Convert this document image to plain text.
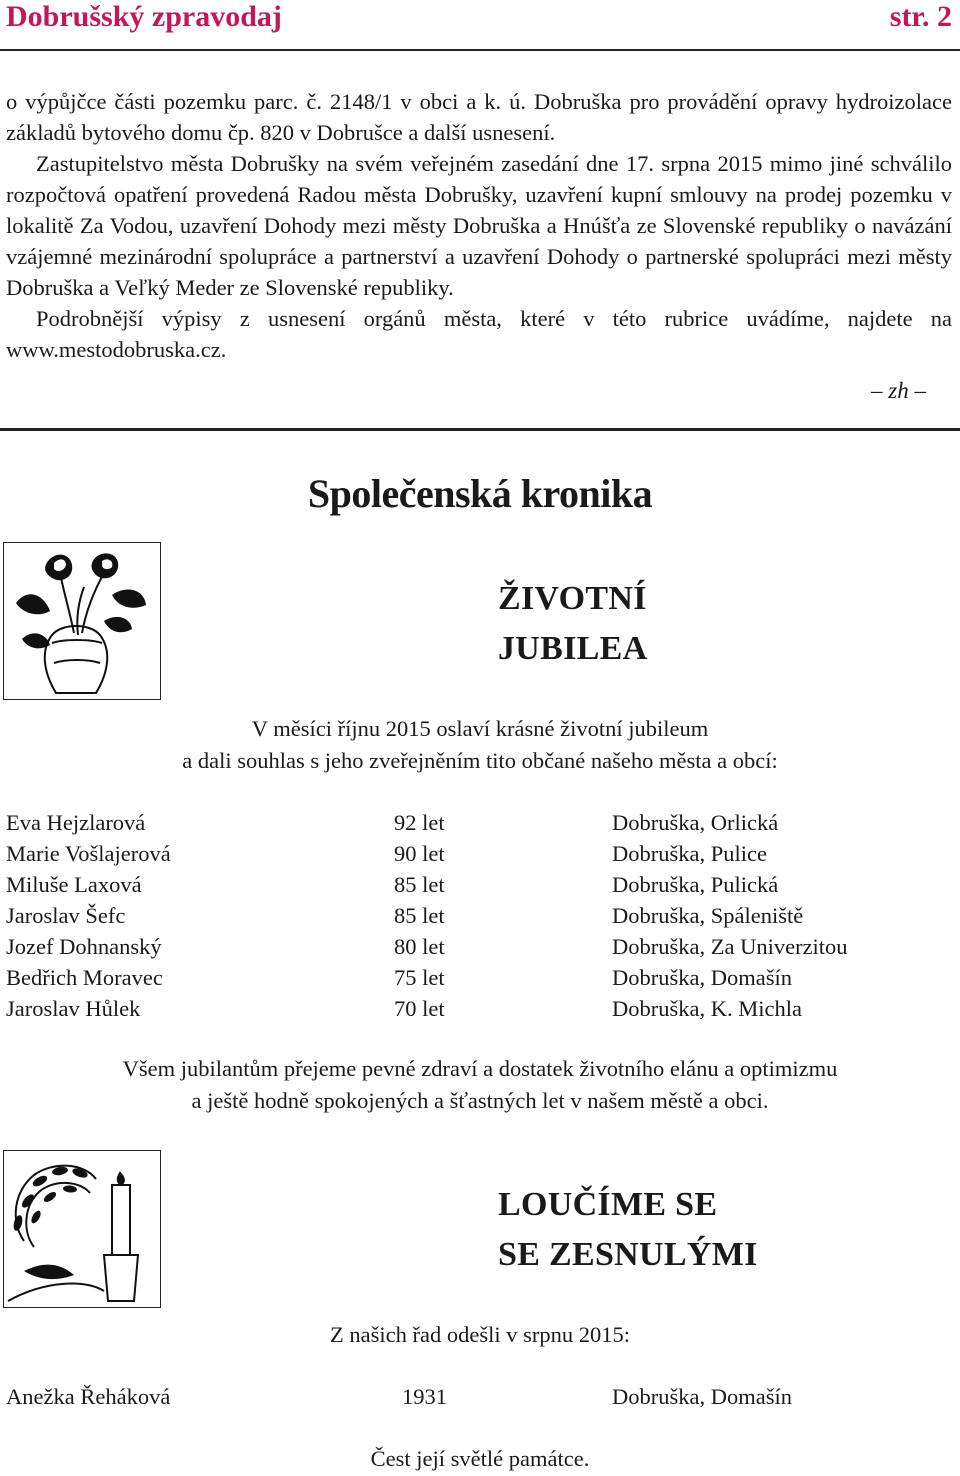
Dobrušský zpravodaj	str. 2

o výpůjčce části pozemku parc. č. 2148/1 v obci a k. ú. Dobruška pro provádění opravy hydroizolace základů bytového domu čp. 820 v Dobrušce a další usnesení.

Zastupitelstvo města Dobrušky na svém veřejném zasedání dne 17. srpna 2015 mimo jiné schválilo rozpočtová opatření provedená Radou města Dobrušky, uzavření kupní smlouvy na prodej pozemku v lokalitě Za Vodou, uzavření Dohody mezi městy Dobruška a Hnúšťa ze Slovenské republiky o navázání vzájemné mezinárodní spolupráce a partnerství a uzavření Dohody o partnerské spolupráci mezi městy Dobruška a Veľký Meder ze Slovenské republiky.

Podrobnější výpisy z usnesení orgánů města, které v této rubrice uvádíme, najdete na www.mestodobruska.cz.

– zh –
Společenská kronika
ŽIVOTNÍ
JUBILEA
V měsíci říjnu 2015 oslaví krásné životní jubileum
a dali souhlas s jeho zveřejněním tito občané našeho města a obcí:
Eva Hejzlarová	92 let	Dobruška, Orlická
Marie Vošlajerová	90 let	Dobruška, Pulice
Miluše Laxová	85 let	Dobruška, Pulická
Jaroslav Šefc	85 let	Dobruška, Spáleniště
Jozef Dohnanský	80 let	Dobruška, Za Univerzitou
Bedřich Moravec	75 let	Dobruška, Domašín
Jaroslav Hůlek	70 let	Dobruška, K. Michla
Všem jubilantům přejeme pevné zdraví a dostatek životního elánu a optimizmu
a ještě hodně spokojených a šťastných let v našem městě a obci.
LOUČÍME SE
SE ZESNULÝMI
Z našich řad odešli v srpnu 2015:
Anežka Řeháková	1931	Dobruška, Domašín
Čest její světlé památce.
